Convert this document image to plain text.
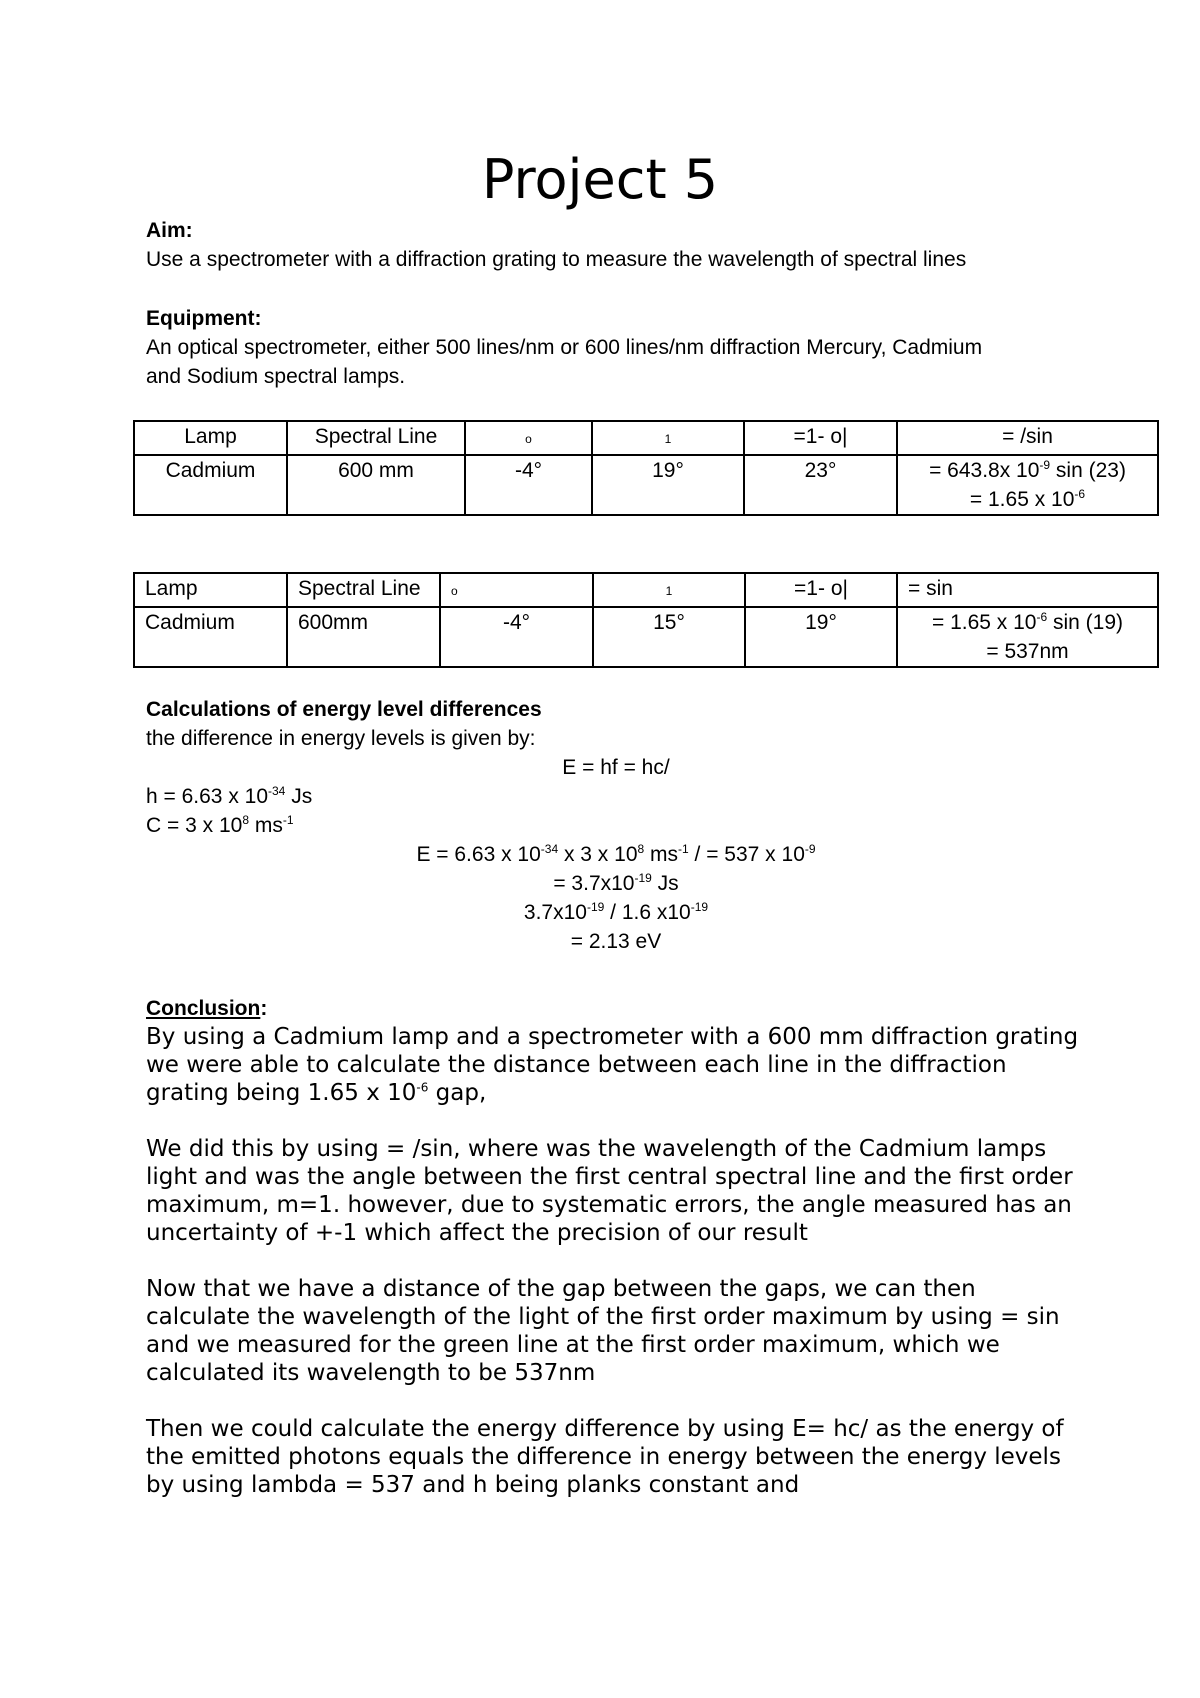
Project 5
Aim:
Use a spectrometer with a diffraction grating to measure the wavelength of spectral lines
Equipment:
An optical spectrometer, either 500 lines/nm or 600 lines/nm diffraction Mercury, Cadmium
and Sodium spectral lamps.
Lamp	Spectral Line	o	1	=1- o|	= /sin
Cadmium	600 mm	-4°	19°	23°	= 643.8x $10^{-9}$ sin (23)
= 1.65 x $10^{-6}$
Lamp	Spectral Line	o	1	=1- o|	= sin
Cadmium	600mm	-4°	15°	19°	= 1.65 x $10^{-6}$ sin (19)
= 537nm
Calculations of energy level differences
the difference in energy levels is given by:
E = hf = hc/
h = 6.63 x $10^{-34}$ Js
C = 3 x $10^8$ $ms^{-1}$
E = 6.63 x $10^{-34}$ x 3 x $10^8$ $ms^{-1}$ / = 537 x $10^{-9}$
= $3.7x10^{-19}$ Js
$3.7x10^{-19} / 1.6$ $x10^{-19}$
= 2.13 eV
Conclusion:

By using a Cadmium lamp and a spectrometer with a 600 mm diffraction grating we were able to calculate the distance between each line in the diffraction grating being 1.65 x $10^{-6}$ gap,

We did this by using = /sin, where was the wavelength of the Cadmium lamps light and was the angle between the first central spectral line and the first order maximum, m=1. however, due to systematic errors, the angle measured has an uncertainty of +-1 which affect the precision of our result

Now that we have a distance of the gap between the gaps, we can then calculate the wavelength of the light of the first order maximum by using = sin and we measured for the green line at the first order maximum, which we calculated its wavelength to be 537nm

Then we could calculate the energy difference by using E= hc/ as the energy of the emitted photons equals the difference in energy between the energy levels by using lambda = 537 and h being planks constant and
